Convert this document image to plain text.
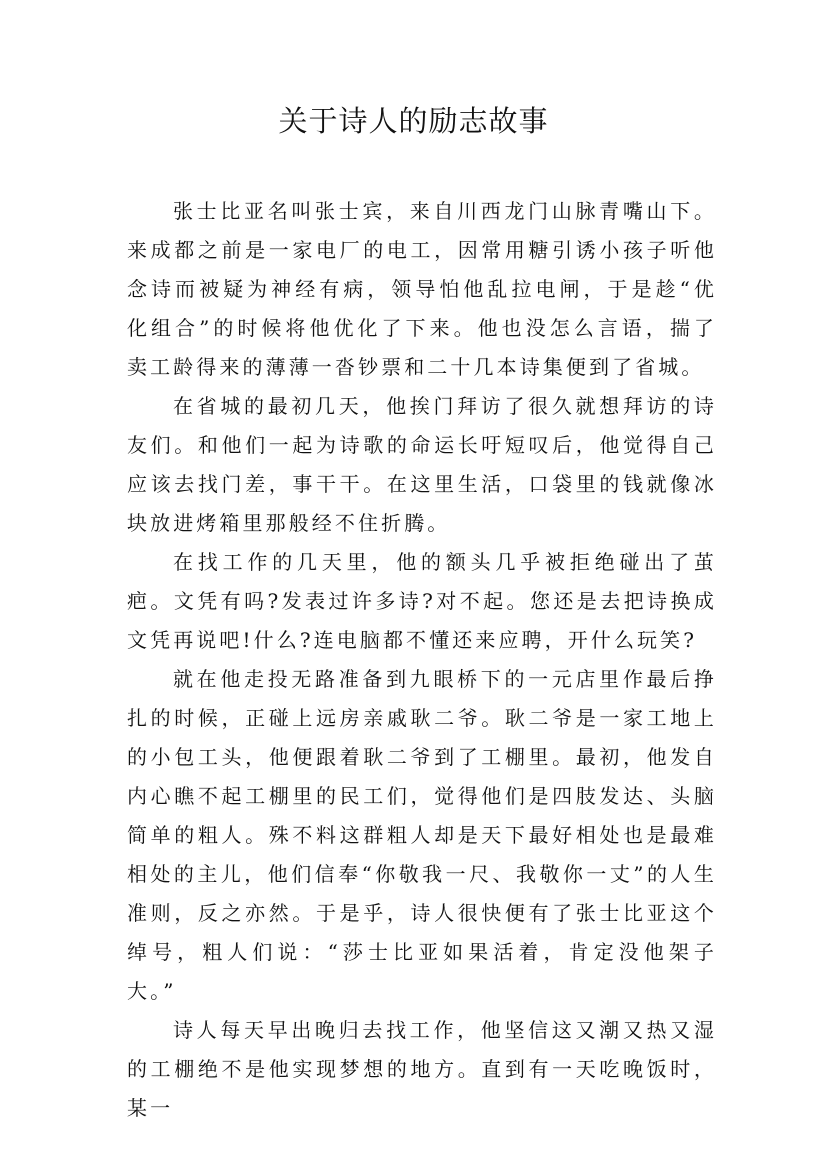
关于诗人的励志故事

张士比亚名叫张士宾，来自川西龙门山脉青嘴山下。来成都之前是一家电厂的电工，因常用糖引诱小孩子听他念诗而被疑为神经有病，领导怕他乱拉电闸，于是趁“优化组合”的时候将他优化了下来。他也没怎么言语，揣了卖工龄得来的薄薄一沓钞票和二十几本诗集便到了省城。

在省城的最初几天，他挨门拜访了很久就想拜访的诗友们。和他们一起为诗歌的命运长吁短叹后，他觉得自己应该去找门差，事干干。在这里生活，口袋里的钱就像冰块放进烤箱里那般经不住折腾。

在找工作的几天里，他的额头几乎被拒绝碰出了茧疤。文凭有吗?发表过许多诗?对不起。您还是去把诗换成文凭再说吧!什么?连电脑都不懂还来应聘，开什么玩笑?

就在他走投无路准备到九眼桥下的一元店里作最后挣扎的时候，正碰上远房亲戚耿二爷。耿二爷是一家工地上的小包工头，他便跟着耿二爷到了工棚里。最初，他发自内心瞧不起工棚里的民工们，觉得他们是四肢发达、头脑简单的粗人。殊不料这群粗人却是天下最好相处也是最难相处的主儿，他们信奉“你敬我一尺、我敬你一丈”的人生准则，反之亦然。于是乎，诗人很快便有了张士比亚这个绰号，粗人们说：“莎士比亚如果活着，肯定没他架子大。”

诗人每天早出晚归去找工作，他坚信这又潮又热又湿的工棚绝不是他实现梦想的地方。直到有一天吃晚饭时，某一
